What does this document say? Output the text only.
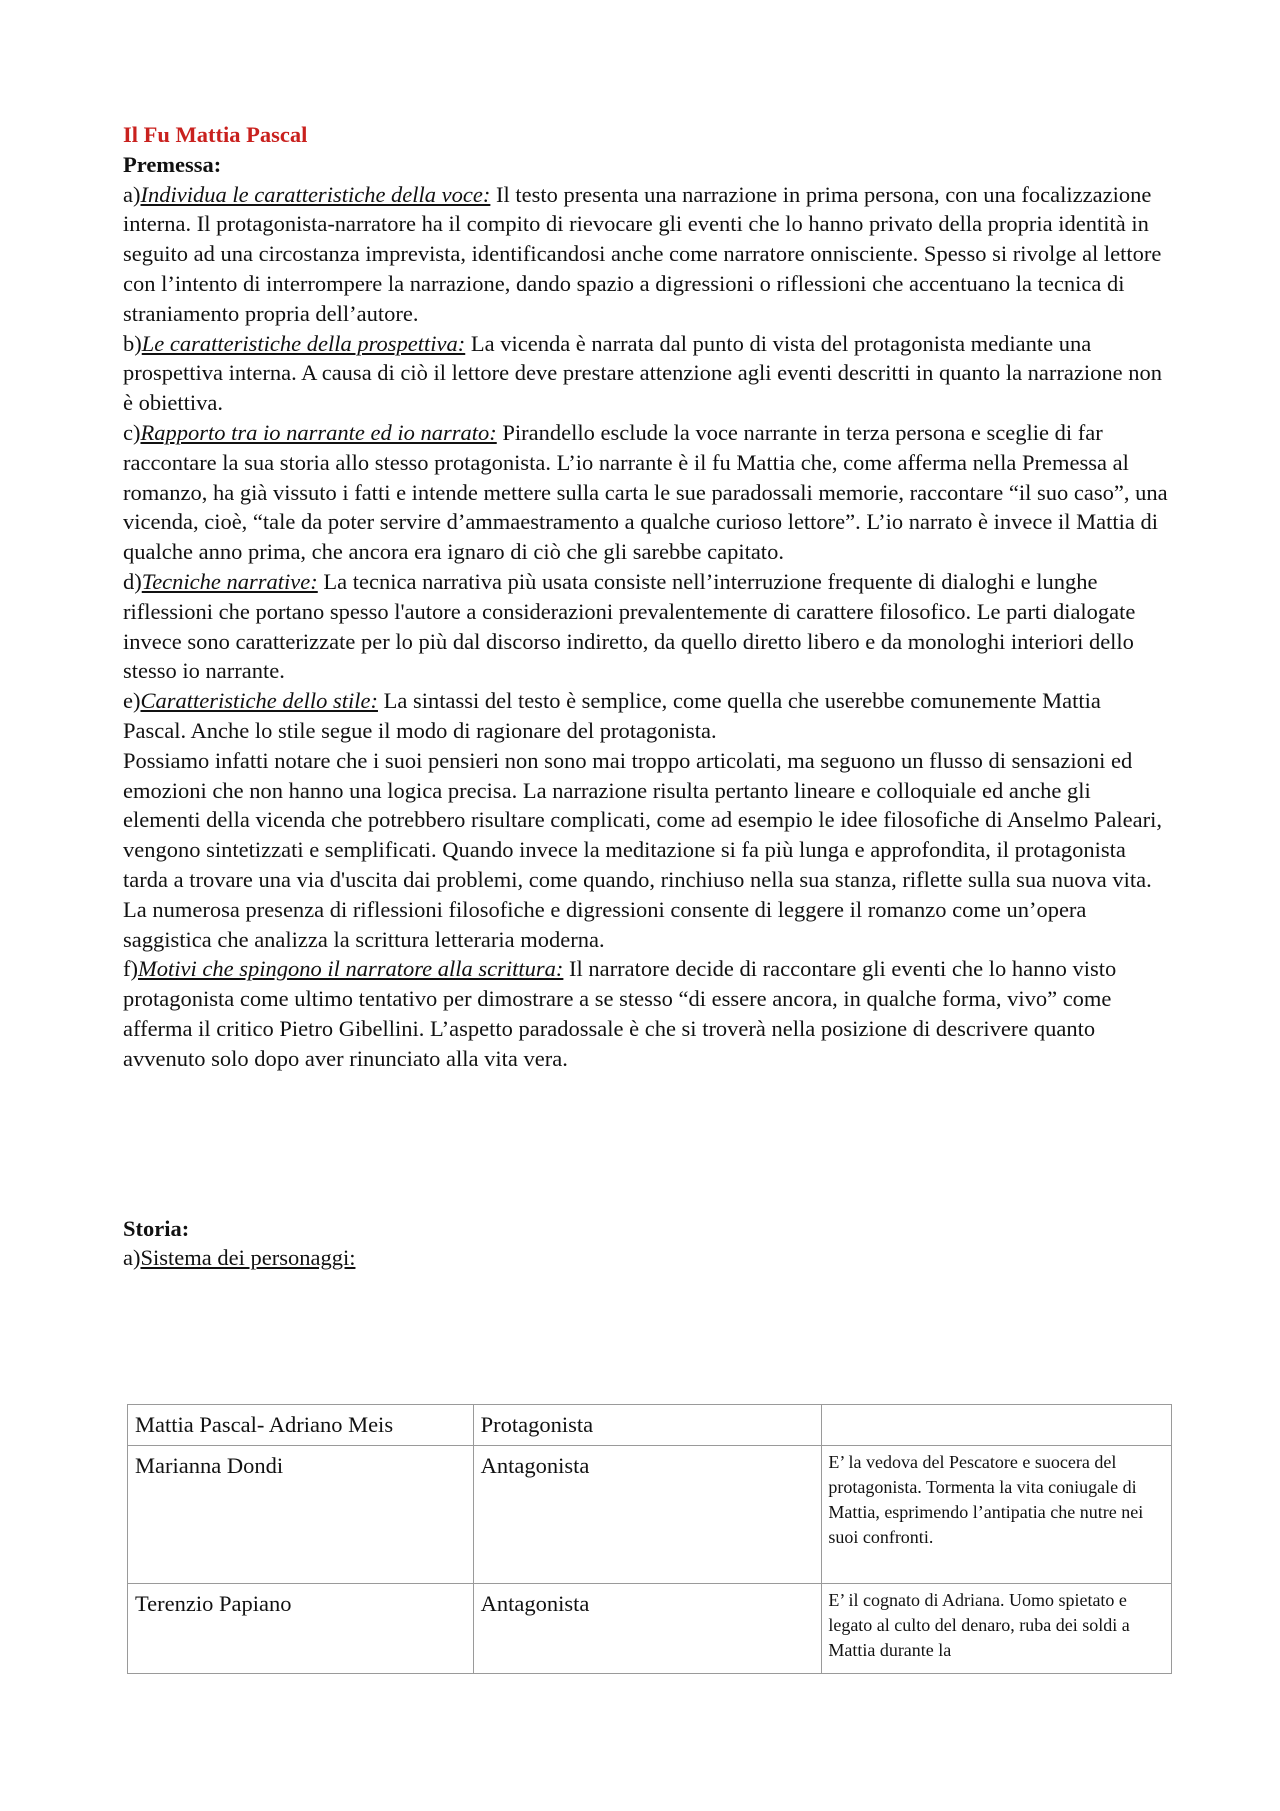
Il Fu Mattia Pascal

Premessa:

a)Individua le caratteristiche della voce: Il testo presenta una narrazione in prima persona, con una focalizzazione interna. Il protagonista-narratore ha il compito di rievocare gli eventi che lo hanno privato della propria identità in seguito ad una circostanza imprevista, identificandosi anche come narratore onnisciente. Spesso si rivolge al lettore con l’intento di interrompere la narrazione, dando spazio a digressioni o riflessioni che accentuano la tecnica di straniamento propria dell’autore.

b)Le caratteristiche della prospettiva: La vicenda è narrata dal punto di vista del protagonista mediante una prospettiva interna. A causa di ciò il lettore deve prestare attenzione agli eventi descritti in quanto la narrazione non è obiettiva.

c)Rapporto tra io narrante ed io narrato: Pirandello esclude la voce narrante in terza persona e sceglie di far raccontare la sua storia allo stesso protagonista. L’io narrante è il fu Mattia che, come afferma nella Premessa al romanzo, ha già vissuto i fatti e intende mettere sulla carta le sue paradossali memorie, raccontare “il suo caso”, una vicenda, cioè, “tale da poter servire d’ammaestramento a qualche curioso lettore”. L’io narrato è invece il Mattia di qualche anno prima, che ancora era ignaro di ciò che gli sarebbe capitato.

d)Tecniche narrative: La tecnica narrativa più usata consiste nell’interruzione frequente di dialoghi e lunghe riflessioni che portano spesso l'autore a considerazioni prevalentemente di carattere filosofico. Le parti dialogate invece sono caratterizzate per lo più dal discorso indiretto, da quello diretto libero e da monologhi interiori dello stesso io narrante.

e)Caratteristiche dello stile: La sintassi del testo è semplice, come quella che userebbe comunemente Mattia Pascal. Anche lo stile segue il modo di ragionare del protagonista.

Possiamo infatti notare che i suoi pensieri non sono mai troppo articolati, ma seguono un flusso di sensazioni ed emozioni che non hanno una logica precisa. La narrazione risulta pertanto lineare e colloquiale ed anche gli elementi della vicenda che potrebbero risultare complicati, come ad esempio le idee filosofiche di Anselmo Paleari, vengono sintetizzati e semplificati. Quando invece la meditazione si fa più lunga e approfondita, il protagonista tarda a trovare una via d'uscita dai problemi, come quando, rinchiuso nella sua stanza, riflette sulla sua nuova vita. La numerosa presenza di riflessioni filosofiche e digressioni consente di leggere il romanzo come un’opera saggistica che analizza la scrittura letteraria moderna.

f)Motivi che spingono il narratore alla scrittura: Il narratore decide di raccontare gli eventi che lo hanno visto protagonista come ultimo tentativo per dimostrare a se stesso “di essere ancora, in qualche forma, vivo” come afferma il critico Pietro Gibellini. L’aspetto paradossale è che si troverà nella posizione di descrivere quanto avvenuto solo dopo aver rinunciato alla vita vera.

Storia:

a)Sistema dei personaggi:

Mattia Pascal- Adriano Meis	Protagonista	
Marianna Dondi	Antagonista	E’ la vedova del Pescatore e suocera del protagonista. Tormenta la vita coniugale di Mattia, esprimendo l’antipatia che nutre nei suoi confronti.
Terenzio Papiano	Antagonista	E’ il cognato di Adriana. Uomo spietato e legato al culto del denaro, ruba dei soldi a Mattia durante la
